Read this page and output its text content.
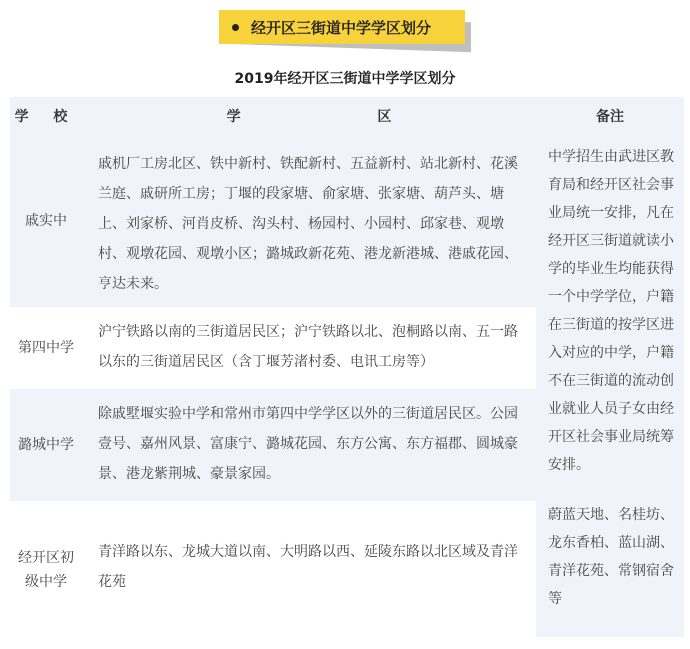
经开区三街道中学学区划分
2019年经开区三街道中学学区划分
学 校	学 区	备注
戚实中
戚机厂工房北区、铁中新村、铁配新村、五益新村、站北新村、花溪兰庭、戚研所工房；丁堰的段家塘、俞家塘、张家塘、葫芦头、塘上、刘家桥、河肖皮桥、沟头村、杨园村、小园村、邱家巷、观墩村、观墩花园、观墩小区；潞城政新花苑、港龙新港城、港戚花园、亨达未来。
第四中学
沪宁铁路以南的三街道居民区；沪宁铁路以北、泡桐路以南、五一路以东的三街道居民区（含丁堰芳渚村委、电讯工房等）
潞城中学
除戚墅堰实验中学和常州市第四中学学区以外的三街道居民区。公园壹号、嘉州风景、富康宁、潞城花园、东方公寓、东方福郡、圆城豪景、港龙紫荆城、豪景家园。
经开区初级中学
青洋路以东、龙城大道以南、大明路以西、延陵东路以北区域及青洋花苑
中学招生由武进区教育局和经开区社会事业局统一安排，凡在经开区三街道就读小学的毕业生均能获得一个中学学位，户籍在三街道的按学区进入对应的中学，户籍不在三街道的流动创业就业人员子女由经开区社会事业局统筹安排。
蔚蓝天地、名桂坊、龙东香柏、蓝山湖、青洋花苑、常钢宿舍等
